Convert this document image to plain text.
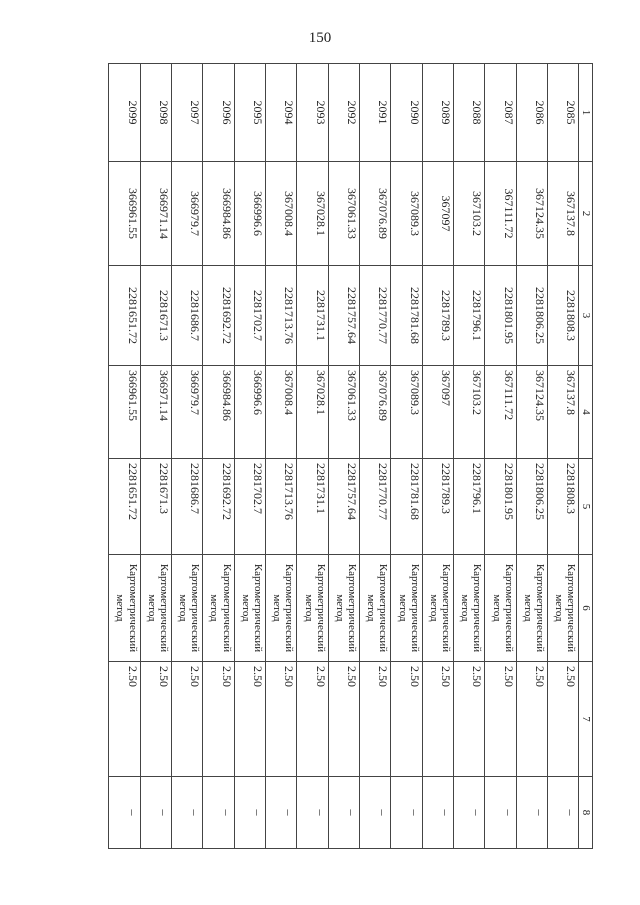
150
1	2	3	4	5	6	7	8
2085	367137.8	2281808.3	367137.8	2281808.3	Картометрический метод	2.50	–
2086	367124.35	2281806.25	367124.35	2281806.25	Картометрический метод	2.50	–
2087	367111.72	2281801.95	367111.72	2281801.95	Картометрический метод	2.50	–
2088	367103.2	2281796.1	367103.2	2281796.1	Картометрический метод	2.50	–
2089	367097	2281789.3	367097	2281789.3	Картометрический метод	2.50	–
2090	367089.3	2281781.68	367089.3	2281781.68	Картометрический метод	2.50	–
2091	367076.89	2281770.77	367076.89	2281770.77	Картометрический метод	2.50	–
2092	367061.33	2281757.64	367061.33	2281757.64	Картометрический метод	2.50	–
2093	367028.1	2281731.1	367028.1	2281731.1	Картометрический метод	2.50	–
2094	367008.4	2281713.76	367008.4	2281713.76	Картометрический метод	2.50	–
2095	366996.6	2281702.7	366996.6	2281702.7	Картометрический метод	2.50	–
2096	366984.86	2281692.72	366984.86	2281692.72	Картометрический метод	2.50	–
2097	366979.7	2281686.7	366979.7	2281686.7	Картометрический метод	2.50	–
2098	366971.14	2281671.3	366971.14	2281671.3	Картометрический метод	2.50	–
2099	366961.55	2281651.72	366961.55	2281651.72	Картометрический метод	2.50	–
